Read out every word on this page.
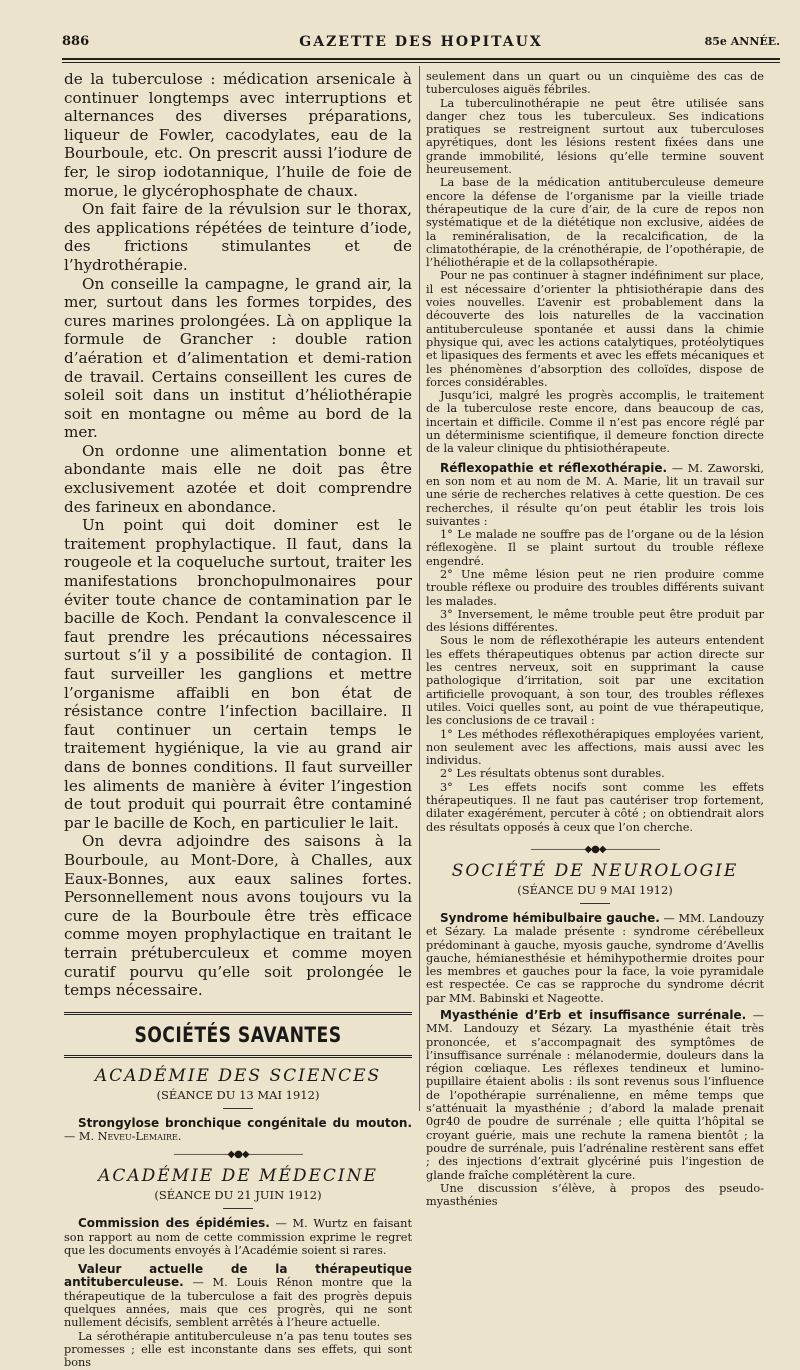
886	GAZETTE DES HOPITAUX	85e ANNÉE.

de la tuberculose : médication arsenicale à continuer longtemps avec interruptions et alternances des diverses préparations, liqueur de Fowler, cacodylates, eau de la Bourboule, etc. On prescrit aussi l’iodure de fer, le sirop iodotannique, l’huile de foie de morue, le glycérophosphate de chaux.

On fait faire de la révulsion sur le thorax, des applications répétées de teinture d’iode, des frictions stimulantes et de l’hydrothérapie.

On conseille la campagne, le grand air, la mer, surtout dans les formes torpides, des cures marines prolongées. Là on applique la formule de Grancher : double ration d’aération et d’alimentation et demi-ration de travail. Certains conseillent les cures de soleil soit dans un institut d’héliothérapie soit en montagne ou même au bord de la mer.

On ordonne une alimentation bonne et abondante mais elle ne doit pas être exclusivement azotée et doit comprendre des farineux en abondance.

Un point qui doit dominer est le traitement prophylactique. Il faut, dans la rougeole et la coqueluche surtout, traiter les manifestations bronchopulmonaires pour éviter toute chance de contamination par le bacille de Koch. Pendant la convalescence il faut prendre les précautions nécessaires surtout s’il y a possibilité de contagion. Il faut surveiller les ganglions et mettre l’organisme affaibli en bon état de résistance contre l’infection bacillaire. Il faut continuer un certain temps le traitement hygiénique, la vie au grand air dans de bonnes conditions. Il faut surveiller les aliments de manière à éviter l’ingestion de tout produit qui pourrait être contaminé par le bacille de Koch, en particulier le lait.

On devra adjoindre des saisons à la Bourboule, au Mont-Dore, à Challes, aux Eaux-Bonnes, aux eaux salines fortes. Personnellement nous avons toujours vu la cure de la Bourboule être très efficace comme moyen prophylactique en traitant le terrain prétuberculeux et comme moyen curatif pourvu qu’elle soit prolongée le temps nécessaire.

SOCIÉTÉS SAVANTES
ACADÉMIE DES SCIENCES
(SÉANCE DU 13 MAI 1912)

Strongylose bronchique congénitale du mouton.— M. Neveu-Lemaire.

——————◆●◆——————
ACADÉMIE DE MÉDECINE
(SÉANCE DU 21 JUIN 1912)

Commission des épidémies. — M. Wurtz en faisant son rapport au nom de cette commission exprime le regret que les documents envoyés à l’Académie soient si rares.

Valeur actuelle de la thérapeutique antituberculeuse. — M. Louis Rénon montre que la thérapeutique de la tuberculose a fait des progrès depuis quelques années, mais que ces progrès, qui ne sont nullement décisifs, semblent arrêtés à l’heure actuelle.

La sérothérapie antituberculeuse n’a pas tenu toutes ses promesses ; elle est inconstante dans ses effets, qui sont bons

seulement dans un quart ou un cinquième des cas de tuberculoses aiguës fébriles.

La tuberculinothérapie ne peut être utilisée sans danger chez tous les tuberculeux. Ses indications pratiques se restreignent surtout aux tuberculoses apyrétiques, dont les lésions restent fixées dans une grande immobilité, lésions qu’elle termine souvent heureusement.

La base de la médication antituberculeuse demeure encore la défense de l’organisme par la vieille triade thérapeutique de la cure d’air, de la cure de repos non systématique et de la diététique non exclusive, aidées de la reminéralisation, de la recalcification, de la climatothérapie, de la crénothérapie, de l’opothérapie, de l’héliothérapie et de la collapsothérapie.

Pour ne pas continuer à stagner indéfiniment sur place, il est nécessaire d’orienter la phtisiothérapie dans des voies nouvelles. L’avenir est probablement dans la découverte des lois naturelles de la vaccination antituberculeuse spontanée et aussi dans la chimie physique qui, avec les actions catalytiques, protéolytiques et lipasiques des ferments et avec les effets mécaniques et les phénomènes d’absorption des colloïdes, dispose de forces considérables.

Jusqu’ici, malgré les progrès accomplis, le traitement de la tuberculose reste encore, dans beaucoup de cas, incertain et difficile. Comme il n’est pas encore réglé par un déterminisme scientifique, il demeure fonction directe de la valeur clinique du phtisiothérapeute.

Réflexopathie et réflexothérapie. — M. Zaworski, en son nom et au nom de M. A. Marie, lit un travail sur une série de recherches relatives à cette question. De ces recherches, il résulte qu’on peut établir les trois lois suivantes :

1° Le malade ne souffre pas de l’organe ou de la lésion réflexogène. Il se plaint surtout du trouble réflexe engendré.

2° Une même lésion peut ne rien produire comme trouble réflexe ou produire des troubles différents suivant les malades.

3° Inversement, le même trouble peut être produit par des lésions différentes.

Sous le nom de réflexothérapie les auteurs entendent les effets thérapeutiques obtenus par action directe sur les centres nerveux, soit en supprimant la cause pathologique d’irritation, soit par une excitation artificielle provoquant, à son tour, des troubles réflexes utiles. Voici quelles sont, au point de vue thérapeutique, les conclusions de ce travail :

1° Les méthodes réflexothérapiques employées varient, non seulement avec les affections, mais aussi avec les individus.

2° Les résultats obtenus sont durables.

3° Les effets nocifs sont comme les effets thérapeutiques. Il ne faut pas cautériser trop fortement, dilater exagérément, percuter à côté ; on obtiendrait alors des résultats opposés à ceux que l’on cherche.

——————◆●◆——————
SOCIÉTÉ DE NEUROLOGIE
(SÉANCE DU 9 MAI 1912)

Syndrome hémibulbaire gauche. — MM. Landouzy et Sézary. La malade présente : syndrome cérébelleux prédominant à gauche, myosis gauche, syndrome d’Avellis gauche, hémianesthésie et hémihypothermie droites pour les membres et gauches pour la face, la voie pyramidale est respectée. Ce cas se rapproche du syndrome décrit par MM. Babinski et Nageotte.

Myasthénie d’Erb et insuffisance surrénale. — MM. Landouzy et Sézary. La myasthénie était très prononcée, et s’accompagnait des symptômes de l’insuffisance surrénale : mélanodermie, douleurs dans la région cœliaque. Les réflexes tendineux et lumino-pupillaire étaient abolis : ils sont revenus sous l’influence de l’opothérapie surrénalienne, en même temps que s’atténuait la myasthénie ; d’abord la malade prenait 0gr40 de poudre de surrénale ; elle quitta l’hôpital se croyant guérie, mais une rechute la ramena bientôt ; la poudre de surrénale, puis l’adrénaline restèrent sans effet ; des injections d’extrait glycériné puis l’ingestion de glande fraîche complétèrent la cure.

Une discussion s’élève, à propos des pseudo-myasthénies
